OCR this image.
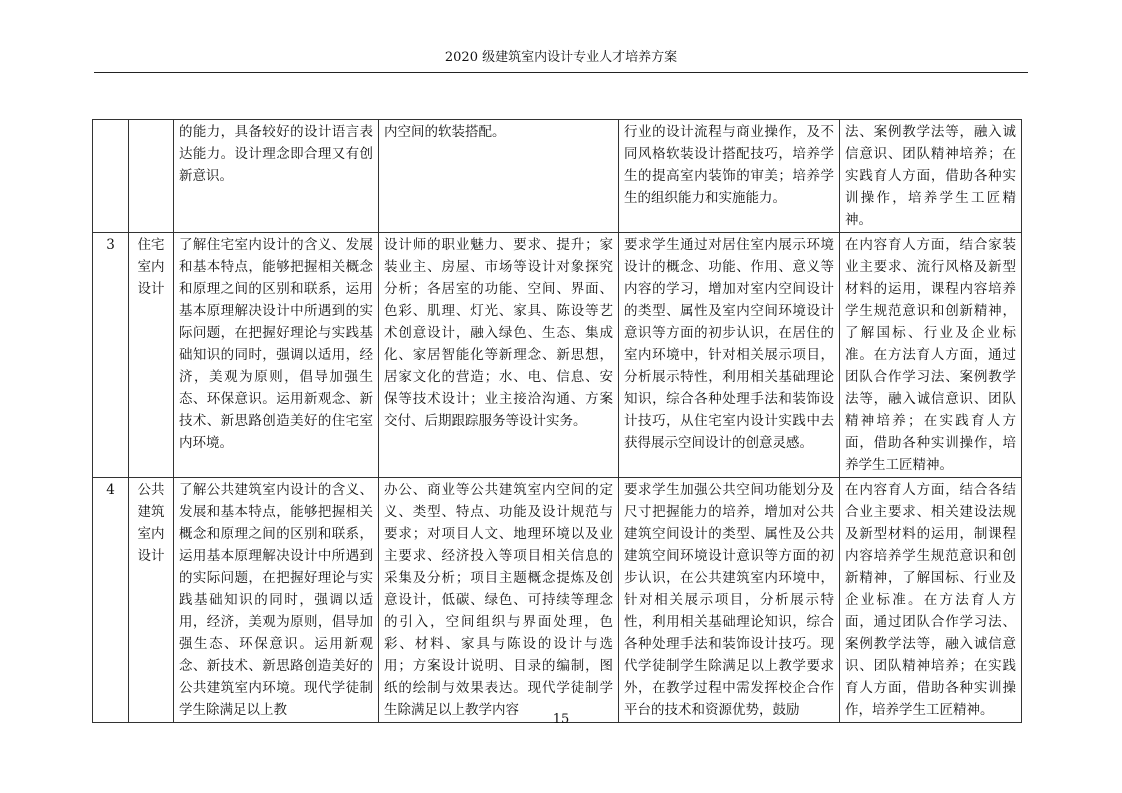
2020 级建筑室内设计专业人才培养方案
		的能力，具备较好的设计语言表达能力。设计理念即合理又有创新意识。	内空间的软装搭配。	行业的设计流程与商业操作，及不同风格软装设计搭配技巧，培养学生的提高室内装饰的审美；培养学生的组织能力和实施能力。	法、案例教学法等，融入诚信意识、团队精神培养；在实践育人方面，借助各种实训操作，培养学生工匠精神。
3	住宅室内设计	了解住宅室内设计的含义、发展和基本特点，能够把握相关概念和原理之间的区别和联系，运用基本原理解决设计中所遇到的实际问题，在把握好理论与实践基础知识的同时，强调以适用，经济，美观为原则，倡导加强生态、环保意识。运用新观念、新技术、新思路创造美好的住宅室内环境。	设计师的职业魅力、要求、提升；家装业主、房屋、市场等设计对象探究分析；各居室的功能、空间、界面、色彩、肌理、灯光、家具、陈设等艺术创意设计，融入绿色、生态、集成化、家居智能化等新理念、新思想，居家文化的营造；水、电、信息、安保等技术设计；业主接洽沟通、方案交付、后期跟踪服务等设计实务。	要求学生通过对居住室内展示环境设计的概念、功能、作用、意义等内容的学习，增加对室内空间设计的类型、属性及室内空间环境设计意识等方面的初步认识，在居住的室内环境中，针对相关展示项目，分析展示特性，利用相关基础理论知识，综合各种处理手法和装饰设计技巧，从住宅室内设计实践中去获得展示空间设计的创意灵感。	在内容育人方面，结合家装业主要求、流行风格及新型材料的运用，课程内容培养学生规范意识和创新精神，了解国标、行业及企业标准。在方法育人方面，通过团队合作学习法、案例教学法等，融入诚信意识、团队精神培养；在实践育人方面，借助各种实训操作，培养学生工匠精神。
4	公共建筑室内设计	了解公共建筑室内设计的含义、发展和基本特点，能够把握相关概念和原理之间的区别和联系，运用基本原理解决设计中所遇到的实际问题，在把握好理论与实践基础知识的同时，强调以适用，经济，美观为原则，倡导加强生态、环保意识。运用新观念、新技术、新思路创造美好的公共建筑室内环境。现代学徒制学生除满足以上教	办公、商业等公共建筑室内空间的定义、类型、特点、功能及设计规范与要求；对项目人文、地理环境以及业主要求、经济投入等项目相关信息的采集及分析；项目主题概念提炼及创意设计，低碳、绿色、可持续等理念的引入，空间组织与界面处理，色彩、材料、家具与陈设的设计与选用；方案设计说明、目录的编制，图纸的绘制与效果表达。现代学徒制学生除满足以上教学内容	要求学生加强公共空间功能划分及尺寸把握能力的培养，增加对公共建筑空间设计的类型、属性及公共建筑空间环境设计意识等方面的初步认识，在公共建筑室内环境中，针对相关展示项目，分析展示特性，利用相关基础理论知识，综合各种处理手法和装饰设计技巧。现代学徒制学生除满足以上教学要求外，在教学过程中需发挥校企合作平台的技术和资源优势，鼓励	在内容育人方面，结合各结合业主要求、相关建设法规及新型材料的运用，制课程内容培养学生规范意识和创新精神，了解国标、行业及企业标准。在方法育人方面，通过团队合作学习法、案例教学法等，融入诚信意识、团队精神培养；在实践育人方面，借助各种实训操作，培养学生工匠精神。
15
